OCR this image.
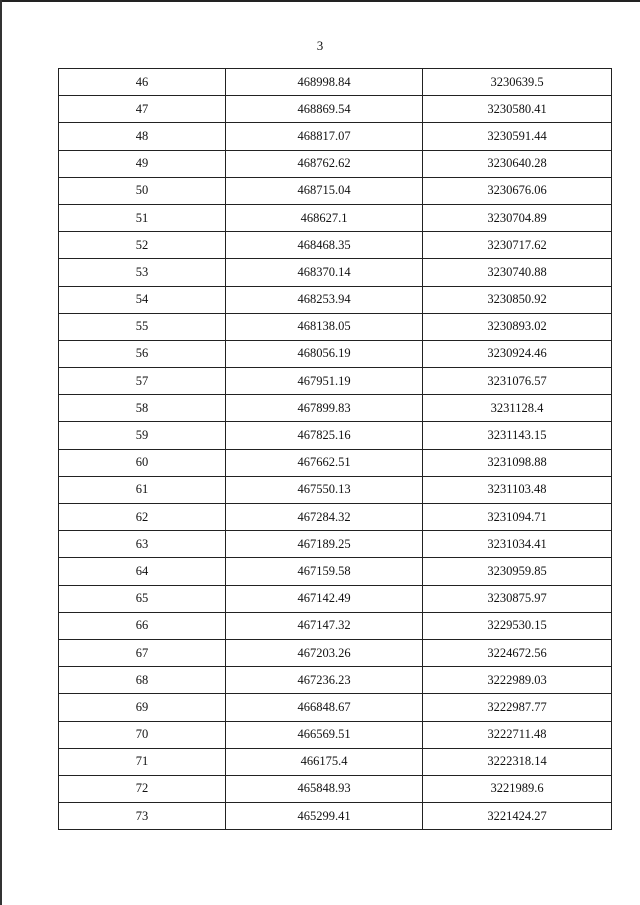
3
46	468998.84	3230639.5
47	468869.54	3230580.41
48	468817.07	3230591.44
49	468762.62	3230640.28
50	468715.04	3230676.06
51	468627.1	3230704.89
52	468468.35	3230717.62
53	468370.14	3230740.88
54	468253.94	3230850.92
55	468138.05	3230893.02
56	468056.19	3230924.46
57	467951.19	3231076.57
58	467899.83	3231128.4
59	467825.16	3231143.15
60	467662.51	3231098.88
61	467550.13	3231103.48
62	467284.32	3231094.71
63	467189.25	3231034.41
64	467159.58	3230959.85
65	467142.49	3230875.97
66	467147.32	3229530.15
67	467203.26	3224672.56
68	467236.23	3222989.03
69	466848.67	3222987.77
70	466569.51	3222711.48
71	466175.4	3222318.14
72	465848.93	3221989.6
73	465299.41	3221424.27
